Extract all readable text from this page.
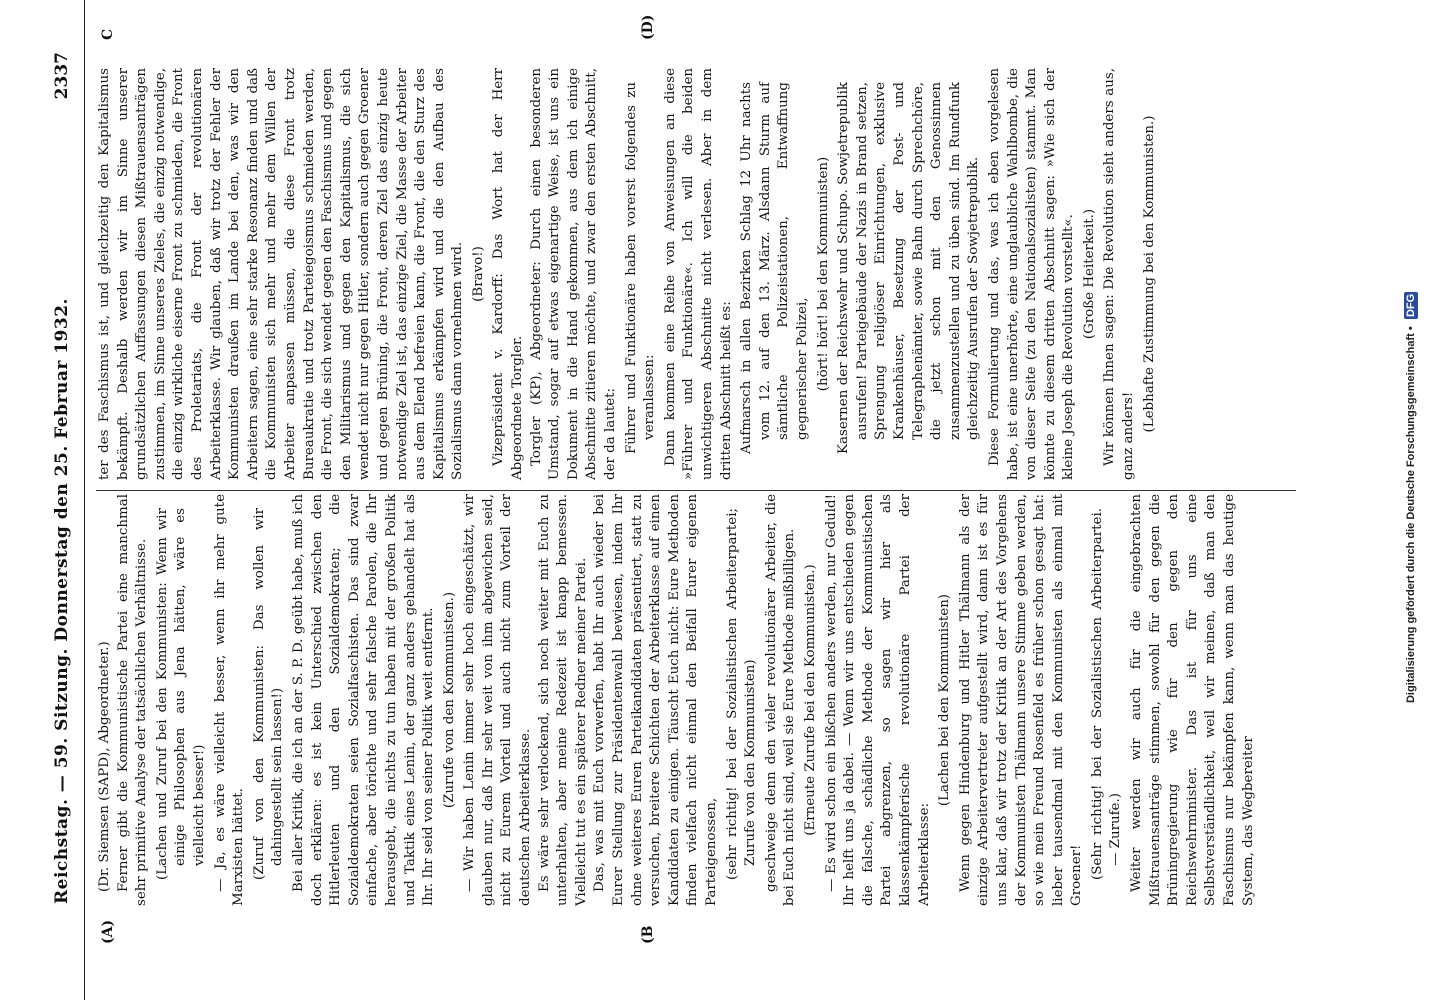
Reichstag. — 59. Sitzung. Donnerstag den 25. Februar 1932.
2337
(A)	(B
C	(D)
(Dr. Siemsen (SAPD), Abgeordneter.) Ferner gibt die Kommunistische Partei eine manchmal sehr primitive Analyse der tatsächlichen Verhältnisse. (Lachen und Zuruf bei den Kommunisten: Wenn wir einige Philosophen aus Jena hätten, wäre es vielleicht besser!) — Ja, es wäre vielleicht besser, wenn ihr mehr gute Marxisten hättet. (Zuruf von den Kommunisten: Das wollen wir dahingestellt sein lassen!) Bei aller Kritik, die ich an der S. P. D. geübt habe, muß ich doch erklären: es ist kein Unterschied zwischen den Hitlerleuten und den Sozialdemokraten; die Sozialdemokraten seien Sozialfaschisten. Das sind zwar einfache, aber törichte und sehr falsche Parolen, die Ihr herausgebt, die nichts zu tun haben mit der großen Politik und Taktik eines Lenin, der ganz anders gehandelt hat als Ihr. Ihr seid von seiner Politik weit entfernt. (Zurufe von den Kommunisten.) — Wir haben Lenin immer sehr hoch eingeschätzt, wir glauben nur, daß Ihr sehr weit von ihm abgewichen seid, nicht zu Eurem Vorteil und auch nicht zum Vorteil der deutschen Arbeiterklasse. Es wäre sehr verlockend, sich noch weiter mit Euch zu unterhalten, aber meine Redezeit ist knapp bemessen. Vielleicht tut es ein späterer Redner meiner Partei. Das, was mit Euch vorwerfen, habt Ihr auch wieder bei Eurer Stellung zur Präsidentenwahl bewiesen, indem Ihr ohne weiteres Euren Parteikandidaten präsentiert, statt zu versuchen, breitere Schichten der Arbeiterklasse auf einen Kandidaten zu einigen. Täuscht Euch nicht: Eure Methoden finden vielfach nicht einmal den Beifall Eurer eigenen Parteigenossen, (sehr richtig! bei der Sozialistischen Arbeiterpartei; Zurufe von den Kommunisten) geschweige denn den vieler revolutionärer Arbeiter, die bei Euch nicht sind, weil sie Eure Methode mißbilligen. (Erneute Zurufe bei den Kommunisten.) — Es wird schon ein bißchen anders werden, nur Geduld! Ihr helft uns ja dabei. — Wenn wir uns entschieden gegen die falsche, schädliche Methode der Kommunistischen Partei abgrenzen, so sagen wir hier als klassenkämpferische revolutionäre Partei der Arbeiterklasse:
(Lachen bei den Kommunisten) Wenn gegen Hindenburg und Hitler Thälmann als der einzige Arbeitervertreter aufgestellt wird, dann ist es für uns klar, daß wir trotz der Kritik an der Art des Vorgehens der Kommunisten Thälmann unsere Stimme geben werden, so wie mein Freund Rosenfeld es früher schon gesagt hat: lieber tausendmal mit den Kommunisten als einmal mit Groener! (Sehr richtig! bei der Sozialistischen Arbeiterpartei. — Zurufe.) Weiter werden wir auch für die eingebrachten Mißtrauensanträge stimmen, sowohl für den gegen die Brüningregierung wie für den gegen den Reichswehrminister. Das ist für uns eine Selbstverständlichkeit, weil wir meinen, daß man den Faschismus nur bekämpfen kann, wenn man das heutige System, das Wegbereiter
ter des Faschismus ist, und gleichzeitig den Kapitalismus bekämpft. Deshalb werden wir im Sinne unserer grundsätzlichen Auffassungen diesen Mißtrauensanträgen zustimmen, im Sinne unseres Zieles, die einzig notwendige, die einzig wirkliche eiserne Front zu schmieden, die Front des Proletariats, die Front der revolutionären Arbeiterklasse. Wir glauben, daß wir trotz der Fehler der Kommunisten draußen im Lande bei den, was wir den Arbeitern sagen, eine sehr starke Resonanz finden und daß die Kommunisten sich mehr und mehr dem Willen der Arbeiter anpassen müssen, die diese Front trotz Bureaukratie und trotz Parteiegoismus schmieden werden, die Front, die sich wendet gegen den Faschismus und gegen den Militarismus und gegen den Kapitalismus, die sich wendet nicht nur gegen Hitler, sondern auch gegen Groener und gegen Brüning, die Front, deren Ziel das einzig heute notwendige Ziel ist, das einzige Ziel, die Masse der Arbeiter aus dem Elend befreien kann, die Front, die den Sturz des Kapitalismus erkämpfen wird und die den Aufbau des Sozialismus dann vornehmen wird. (Bravo!) Vizepräsident v. Kardorff: Das Wort hat der Herr Abgeordnete Torgler. Torgler (KP), Abgeordneter: Durch einen besonderen Umstand, sogar auf etwas eigenartige Weise, ist uns ein Dokument in die Hand gekommen, aus dem ich einige Abschnitte zitieren möchte, und zwar den ersten Abschnitt, der da lautet: Führer und Funktionäre haben vorerst folgendes zu veranlassen: Dann kommen eine Reihe von Anweisungen an diese »Führer und Funktionäre«. Ich will die beiden unwichtigeren Abschnitte nicht verlesen. Aber in dem dritten Abschnitt heißt es: Aufmarsch in allen Bezirken Schlag 12 Uhr nachts vom 12. auf den 13. März. Alsdann Sturm auf sämtliche Polizeistationen, Entwaffnung gegnerischer Polizei, (hört! hört! bei den Kommunisten) Kasernen der Reichswehr und Schupo. Sowjetrepublik ausrufen! Parteigebäude der Nazis in Brand setzen, Sprengung religiöser Einrichtungen, exklusive Krankenhäuser, Besetzung der Post- und Telegraphenämter, sowie Bahn durch Sprechchöre, die jetzt schon mit den Genossinnen zusammenzustellen und zu üben sind. Im Rundfunk gleichzeitig Ausrufen der Sowjetrepublik. Diese Formulierung und das, was ich eben vorgelesen habe, ist eine unerhörte, eine unglaubliche Wahlbombe, die von dieser Seite (zu den Nationalsozialisten) stammt. Man könnte zu diesem dritten Abschnitt sagen: »Wie sich der kleine Joseph die Revolution vorstellt«. (Große Heiterkeit.) Wir können Ihnen sagen: Die Revolution sieht anders aus, ganz anders!
(Lebhafte Zustimmung bei den Kommunisten.)
Digitalisierung gefördert durch die Deutsche Forschungsgemeinschaft • DFG
